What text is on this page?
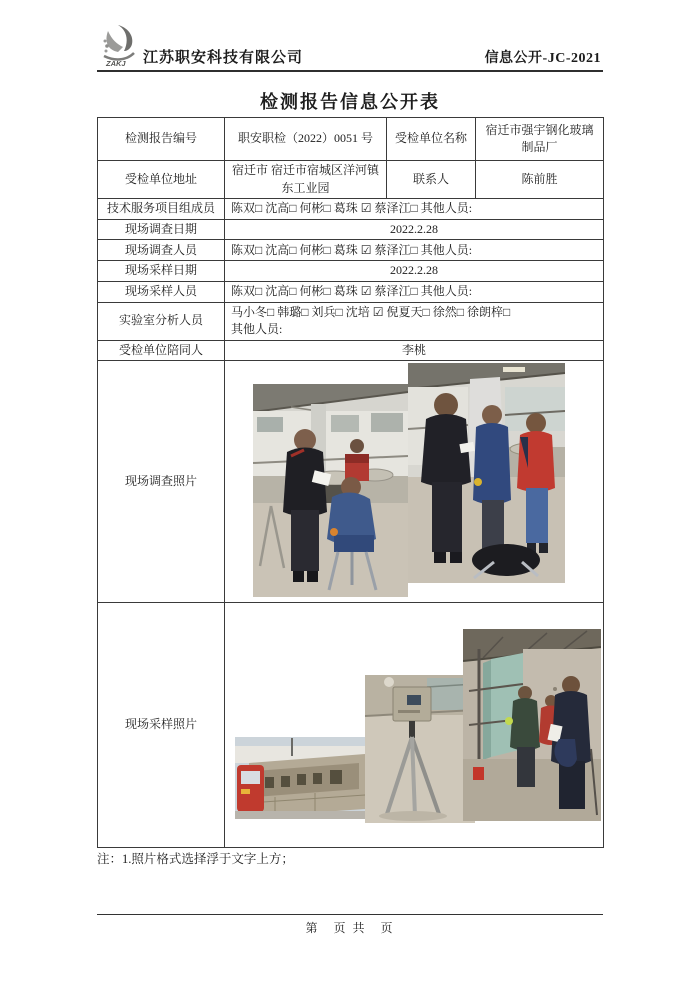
ZAKJ 江苏职安科技有限公司	信息公开-JC-2021
检测报告信息公开表
检测报告编号	职安职检（2022）0051 号	受检单位名称	宿迁市强宇钢化玻璃制品厂
受检单位地址	宿迁市 宿迁市宿城区洋河镇东工业园	联系人	陈前胜
技术服务项目组成员	陈双□ 沈高□ 何彬□ 葛珠 ☑ 蔡泽江□ 其他人员:		
现场调查日期	2022.2.28		
现场调查人员	陈双□ 沈高□ 何彬□ 葛珠 ☑ 蔡泽江□ 其他人员:		
现场采样日期	2022.2.28		
现场采样人员	陈双□ 沈高□ 何彬□ 葛珠 ☑ 蔡泽江□ 其他人员:		
实验室分析人员	马小冬□ 韩璐□ 刘兵□ 沈培 ☑ 倪夏天□ 徐然□ 徐朗梓□
其他人员:		

受检单位陪同人	李桃		
现场调查照片	

现场采样照片	
注：1.照片格式选择浮于文字上方；
第　页 共　页
